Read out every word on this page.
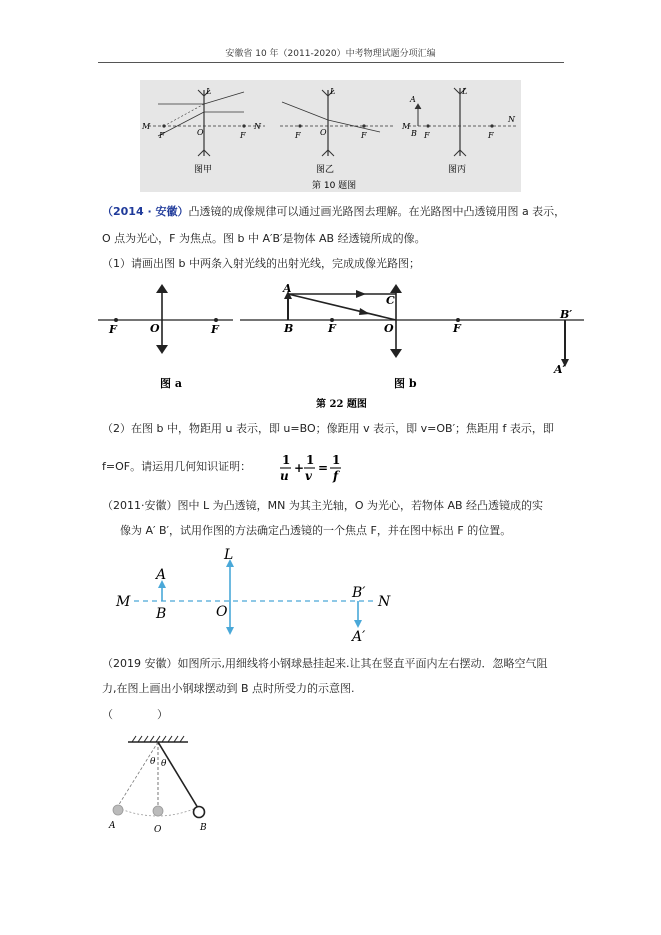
安徽省 10 年（2011-2020）中考物理试题分项汇编
M
F	O
L
F
N
图甲
F O
L
F
图乙
A
M
B F
L
F
N
图丙
第 10 题图
（2014 · 安徽）凸透镜的成像规律可以通过画光路图去理解。在光路图中凸透镜用图 a 表示，
O 点为光心，F 为焦点。图 b 中 A′B′是物体 AB 经透镜所成的像。
（1）请画出图 b 中两条入射光线的出射光线，完成成像光路图；
F	O	F
图 a
A
B
C
O
F	F
B′
A′
图 b
第 22 题图
（2）在图 b 中，物距用 u 表示，即 u=BO；像距用 v 表示，即 v=OB′；焦距用 f 表示，即
f=OF。请运用几何知识证明：	1
u
+
1
v
=
1
f
（2011·安徽）图中 L 为凸透镜，MN 为其主光轴，O 为光心，若物体 AB 经凸透镜成的实
像为 A′ B′，试用作图的方法确定凸透镜的一个焦点 F，并在图中标出 F 的位置。
M
A
B
L
O
B′
A′
N
（2019 安徽）如图所示,用细线将小钢球悬挂起来.让其在竖直平面内左右摆动．忽略空气阻
力,在图上画出小钢球摆动到 B 点时所受力的示意图.
（　　　　）
θ θ
A	O	B
